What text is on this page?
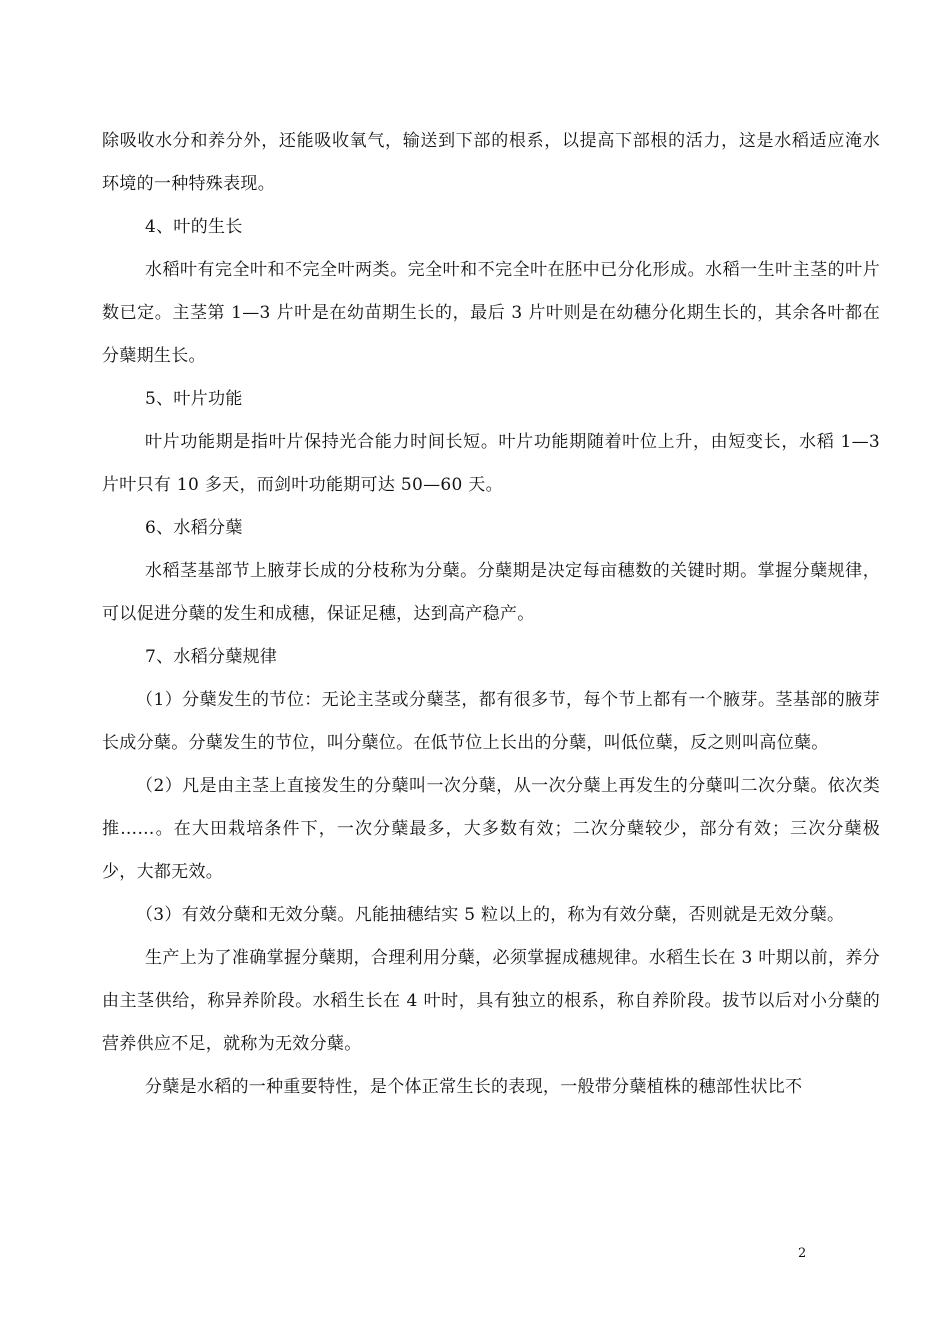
除吸收水分和养分外，还能吸收氧气，输送到下部的根系，以提高下部根的活力，这是水稻适应淹水环境的一种特殊表现。

4、叶的生长

水稻叶有完全叶和不完全叶两类。完全叶和不完全叶在胚中已分化形成。水稻一生叶主茎的叶片数已定。主茎第 1—3 片叶是在幼苗期生长的，最后 3 片叶则是在幼穗分化期生长的，其余各叶都在分蘖期生长。

5、叶片功能

叶片功能期是指叶片保持光合能力时间长短。叶片功能期随着叶位上升，由短变长，水稻 1—3 片叶只有 10 多天，而剑叶功能期可达 50—60 天。

6、水稻分蘖

水稻茎基部节上腋芽长成的分枝称为分蘖。分蘖期是决定每亩穗数的关键时期。掌握分蘖规律，可以促进分蘖的发生和成穗，保证足穗，达到高产稳产。

7、水稻分蘖规律

（1）分蘖发生的节位：无论主茎或分蘖茎，都有很多节，每个节上都有一个腋芽。茎基部的腋芽长成分蘖。分蘖发生的节位，叫分蘖位。在低节位上长出的分蘖，叫低位蘖，反之则叫高位蘖。

（2）凡是由主茎上直接发生的分蘖叫一次分蘖，从一次分蘖上再发生的分蘖叫二次分蘖。依次类推……。在大田栽培条件下，一次分蘖最多，大多数有效；二次分蘖较少，部分有效；三次分蘖极少，大都无效。

（3）有效分蘖和无效分蘖。凡能抽穗结实 5 粒以上的，称为有效分蘖，否则就是无效分蘖。

生产上为了准确掌握分蘖期，合理利用分蘖，必须掌握成穗规律。水稻生长在 3 叶期以前，养分由主茎供给，称异养阶段。水稻生长在 4 叶时，具有独立的根系，称自养阶段。拔节以后对小分蘖的营养供应不足，就称为无效分蘖。

分蘖是水稻的一种重要特性，是个体正常生长的表现，一般带分蘖植株的穗部性状比不

2
